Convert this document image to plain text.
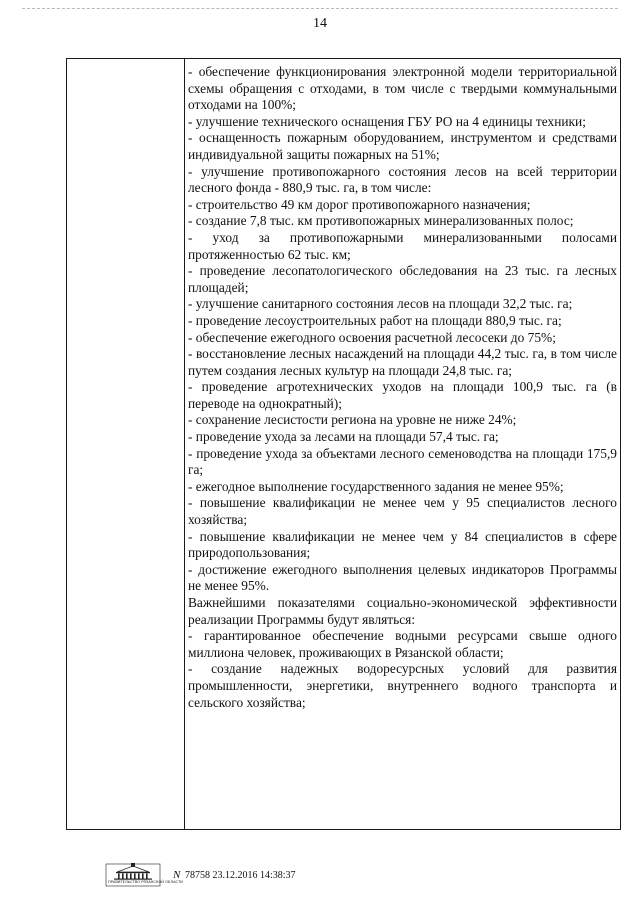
14

- обеспечение функционирования электронной модели территориальной схемы обращения с отходами, в том числе с твердыми коммунальными отходами на 100%;

- улучшение технического оснащения ГБУ РО на 4 единицы техники;

- оснащенность пожарным оборудованием, инструментом и средствами индивидуальной защиты пожарных на 51%;

- улучшение противопожарного состояния лесов на всей территории лесного фонда - 880,9 тыс. га, в том числе:

- строительство 49 км дорог противопожарного назначения;

- создание 7,8 тыс. км противопожарных минерализованных полос;

- уход за противопожарными минерализованными полосами протяженностью 62 тыс. км;

- проведение лесопатологического обследования на 23 тыс. га лесных площадей;

- улучшение санитарного состояния лесов на площади 32,2 тыс. га;

- проведение лесоустроительных работ на площади 880,9 тыс. га;

- обеспечение ежегодного освоения расчетной лесосеки до 75%;

- восстановление лесных насаждений на площади 44,2 тыс. га, в том числе путем создания лесных культур на площади 24,8 тыс. га;

- проведение агротехнических уходов на площади 100,9 тыс. га (в переводе на однократный);

- сохранение лесистости региона на уровне не ниже 24%;

- проведение ухода за лесами на площади 57,4 тыс. га;

- проведение ухода за объектами лесного семеноводства на площади 175,9 га;

- ежегодное выполнение государственного задания не менее 95%;

- повышение квалификации не менее чем у 95 специалистов лесного хозяйства;

- повышение квалификации не менее чем у 84 специалистов в сфере природопользования;

- достижение ежегодного выполнения целевых индикаторов Программы не менее 95%.

Важнейшими показателями социально-экономической эффективности реализации Программы будут являться:

- гарантированное обеспечение водными ресурсами свыше одного миллиона человек, проживающих в Рязанской области;

- создание надежных водоресурсных условий для развития промышленности, энергетики, внутреннего водного транспорта и сельского хозяйства;

ПРАВИТЕЛЬСТВО РЯЗАНСКОЙ ОБЛАСТИ
N 78758 23.12.2016 14:38:37
